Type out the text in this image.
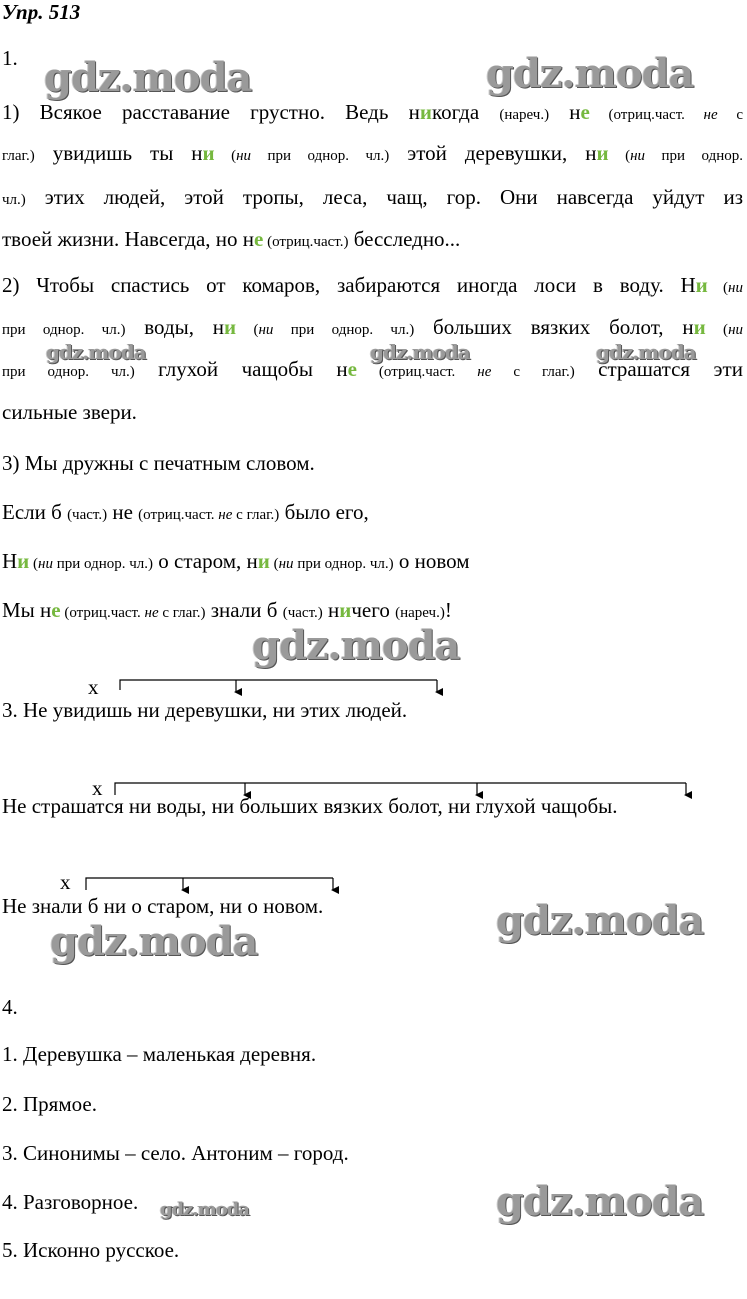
Упр. 513
1.
1) Всякое расставание грустно. Ведь никогда (нареч.) не (отриц.част. не с
глаг.) увидишь ты ни (ни при однор. чл.) этой деревушки, ни (ни при однор.
чл.) этих людей, этой тропы, леса, чащ, гор. Они навсегда уйдут из
твоей жизни. Навсегда, но не (отриц.част.) бесследно...
2) Чтобы спастись от комаров, забираются иногда лоси в воду. Ни (ни
при однор. чл.) воды, ни (ни при однор. чл.) больших вязких болот, ни (ни
при однор. чл.) глухой чащобы не (отриц.част. не с глаг.) страшатся эти
сильные звери.
3) Мы дружны с печатным словом.
Если б (част.) не (отриц.част. не с глаг.) было его,
Ни (ни при однор. чл.) о старом, ни (ни при однор. чл.) о новом
Мы не (отриц.част. не с глаг.) знали б (част.) ничего (нареч.)!
х
3. Не увидишь ни деревушки, ни этих людей.
х
Не страшатся ни воды, ни больших вязких болот, ни глухой чащобы.
х
Не знали б ни о старом, ни о новом.
4.
1. Деревушка – маленькая деревня.
2. Прямое.
3. Синонимы – село. Антоним – город.
4. Разговорное.
5. Исконно русское.
gdz.moda	gdz.moda
gdz.moda	gdz.moda	gdz.moda
gdz.moda
gdz.moda	gdz.moda
gdz.moda	gdz.moda
